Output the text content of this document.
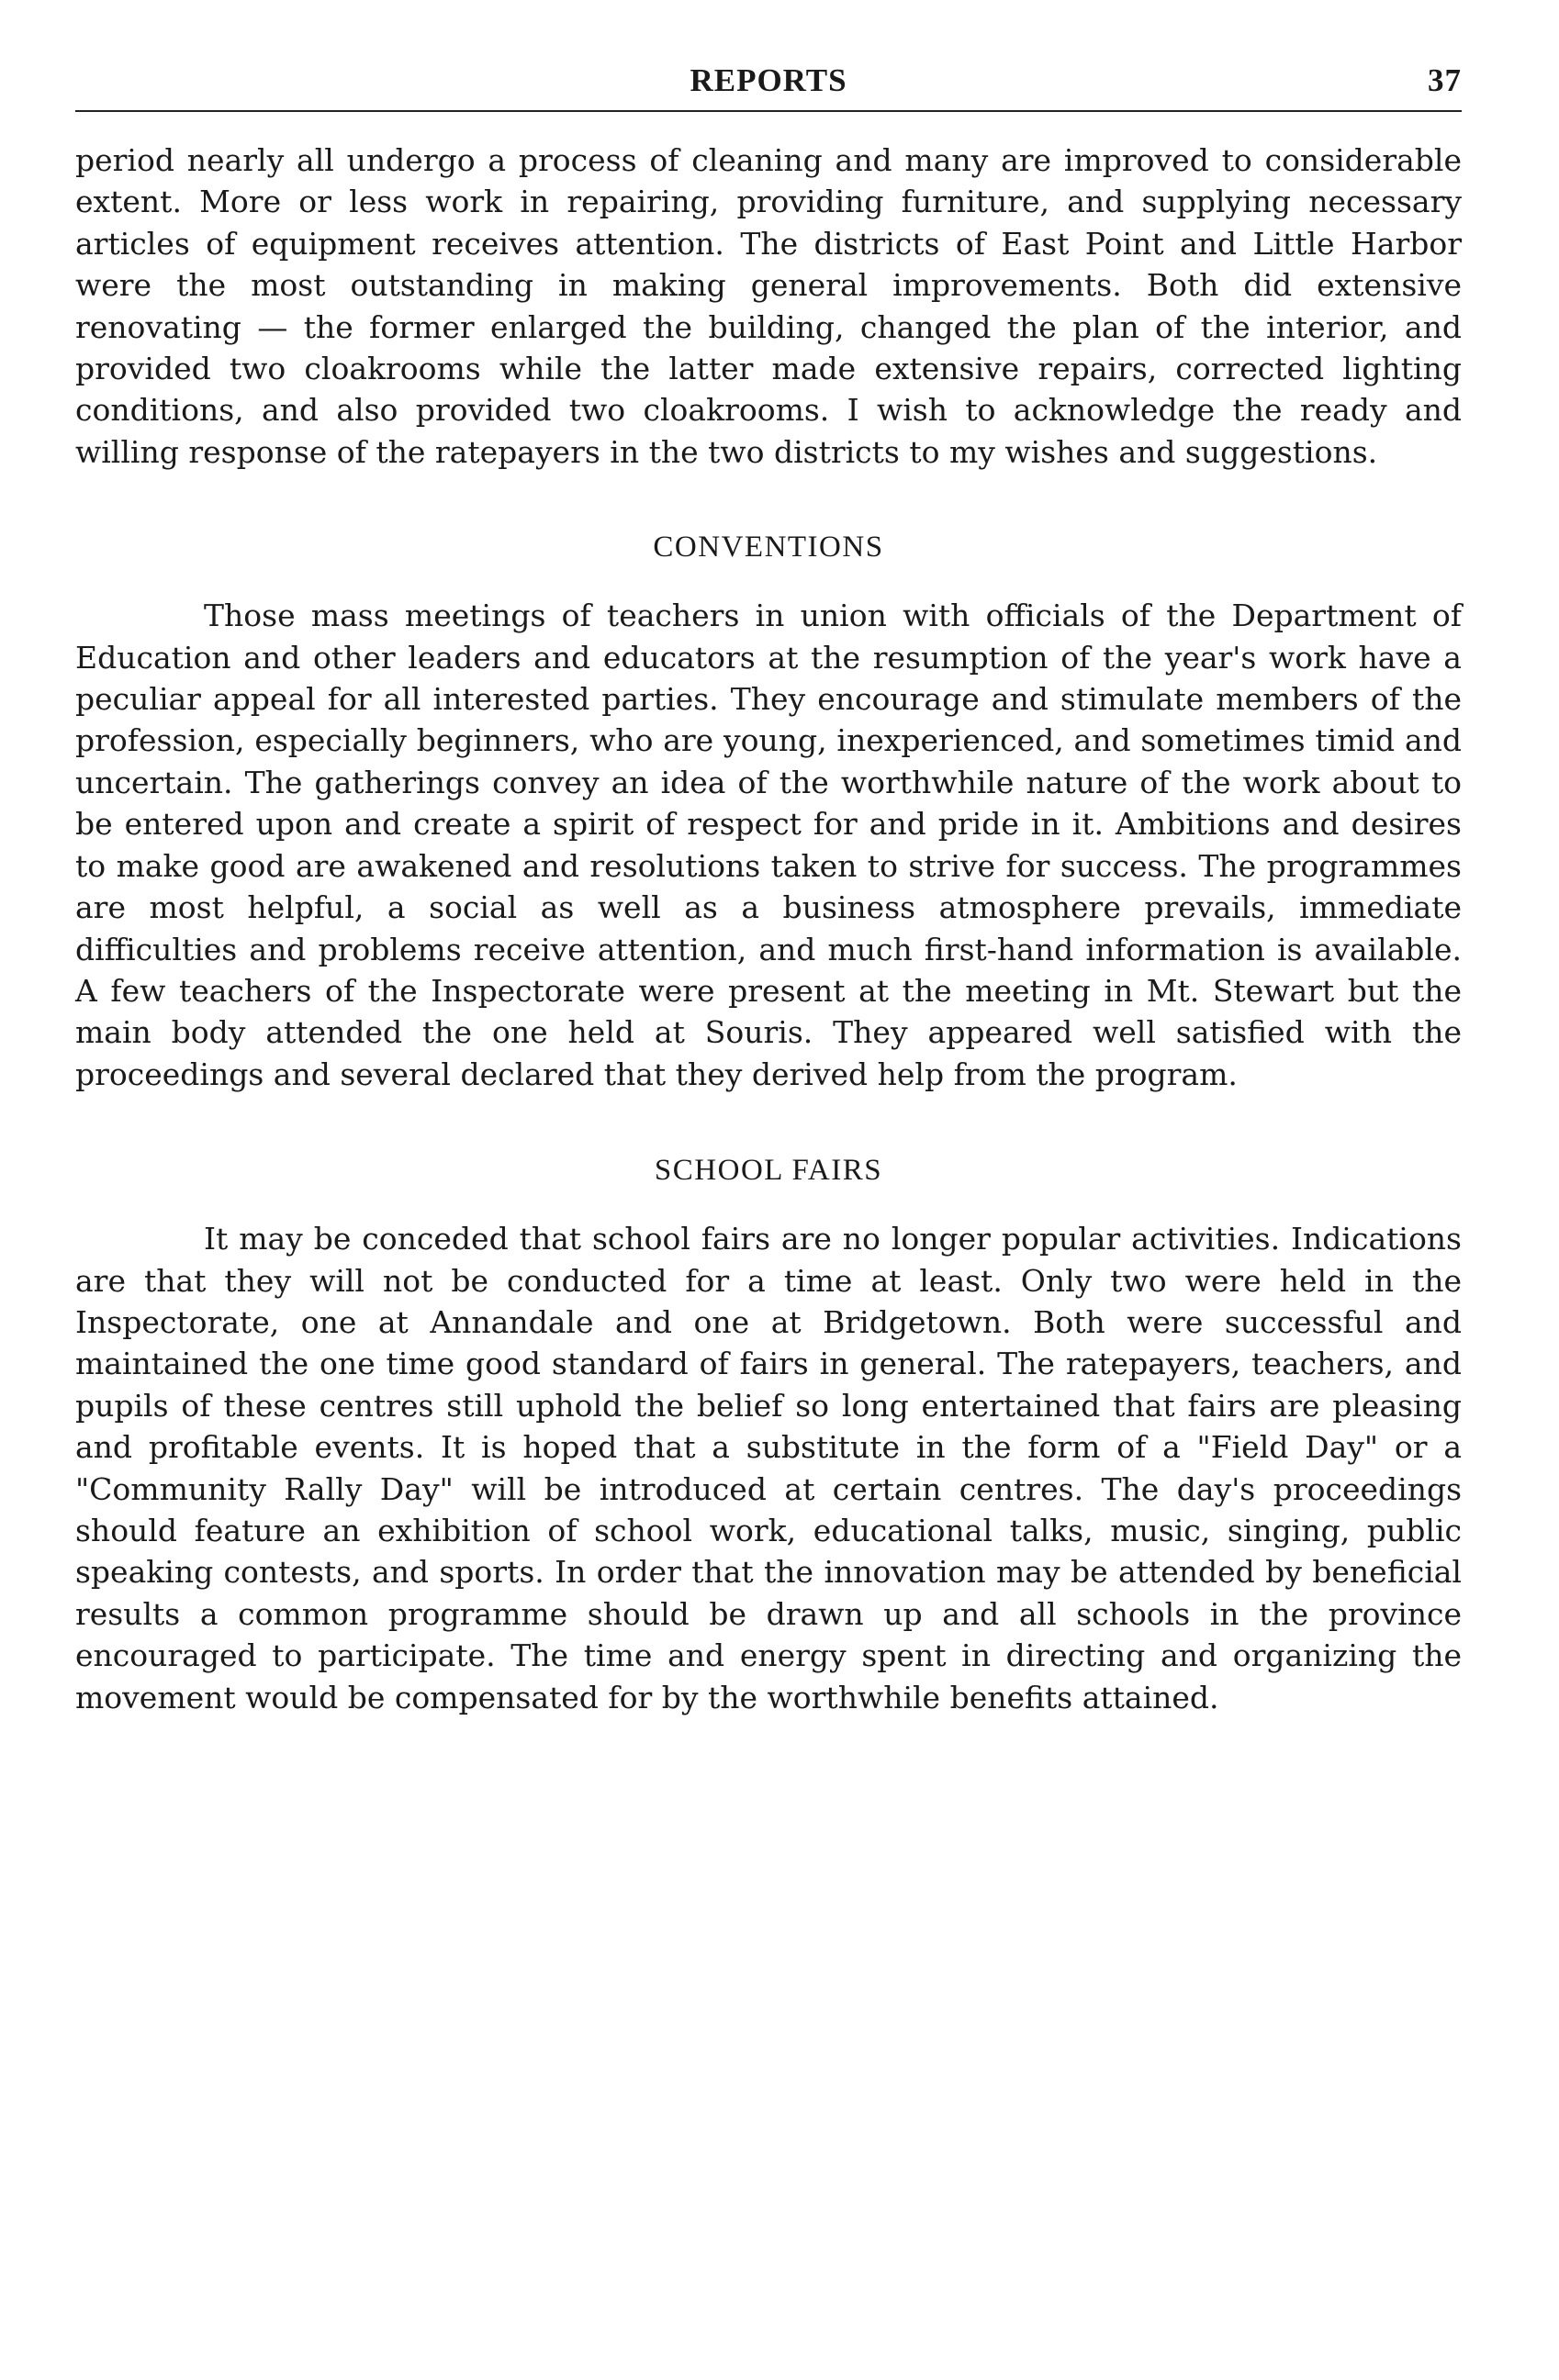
REPORTS	37

period nearly all undergo a process of cleaning and many are improved to considerable extent. More or less work in repairing, providing furniture, and supplying necessary articles of equipment receives attention. The districts of East Point and Little Harbor were the most outstanding in making general improvements. Both did extensive renovating — the former enlarged the building, changed the plan of the interior, and provided two cloakrooms while the latter made extensive repairs, corrected lighting conditions, and also provided two cloakrooms. I wish to acknowledge the ready and willing response of the ratepayers in the two districts to my wishes and suggestions.

CONVENTIONS

Those mass meetings of teachers in union with officials of the Department of Education and other leaders and educators at the resumption of the year's work have a peculiar appeal for all interested parties. They encourage and stimulate members of the profession, especially beginners, who are young, inexperienced, and sometimes timid and uncertain. The gatherings convey an idea of the worthwhile nature of the work about to be entered upon and create a spirit of respect for and pride in it. Ambitions and desires to make good are awakened and resolutions taken to strive for success. The programmes are most helpful, a social as well as a business atmosphere prevails, immediate difficulties and problems receive attention, and much first-hand information is available. A few teachers of the Inspectorate were present at the meeting in Mt. Stewart but the main body attended the one held at Souris. They appeared well satisfied with the proceedings and several declared that they derived help from the program.

SCHOOL FAIRS

It may be conceded that school fairs are no longer popular activities. Indications are that they will not be conducted for a time at least. Only two were held in the Inspectorate, one at Annandale and one at Bridgetown. Both were successful and maintained the one time good standard of fairs in general. The ratepayers, teachers, and pupils of these centres still uphold the belief so long entertained that fairs are pleasing and profitable events. It is hoped that a substitute in the form of a "Field Day" or a "Community Rally Day" will be introduced at certain centres. The day's proceedings should feature an exhibition of school work, educational talks, music, singing, public speaking contests, and sports. In order that the innovation may be attended by beneficial results a common programme should be drawn up and all schools in the province encouraged to participate. The time and energy spent in directing and organizing the movement would be compensated for by the worthwhile benefits attained.
